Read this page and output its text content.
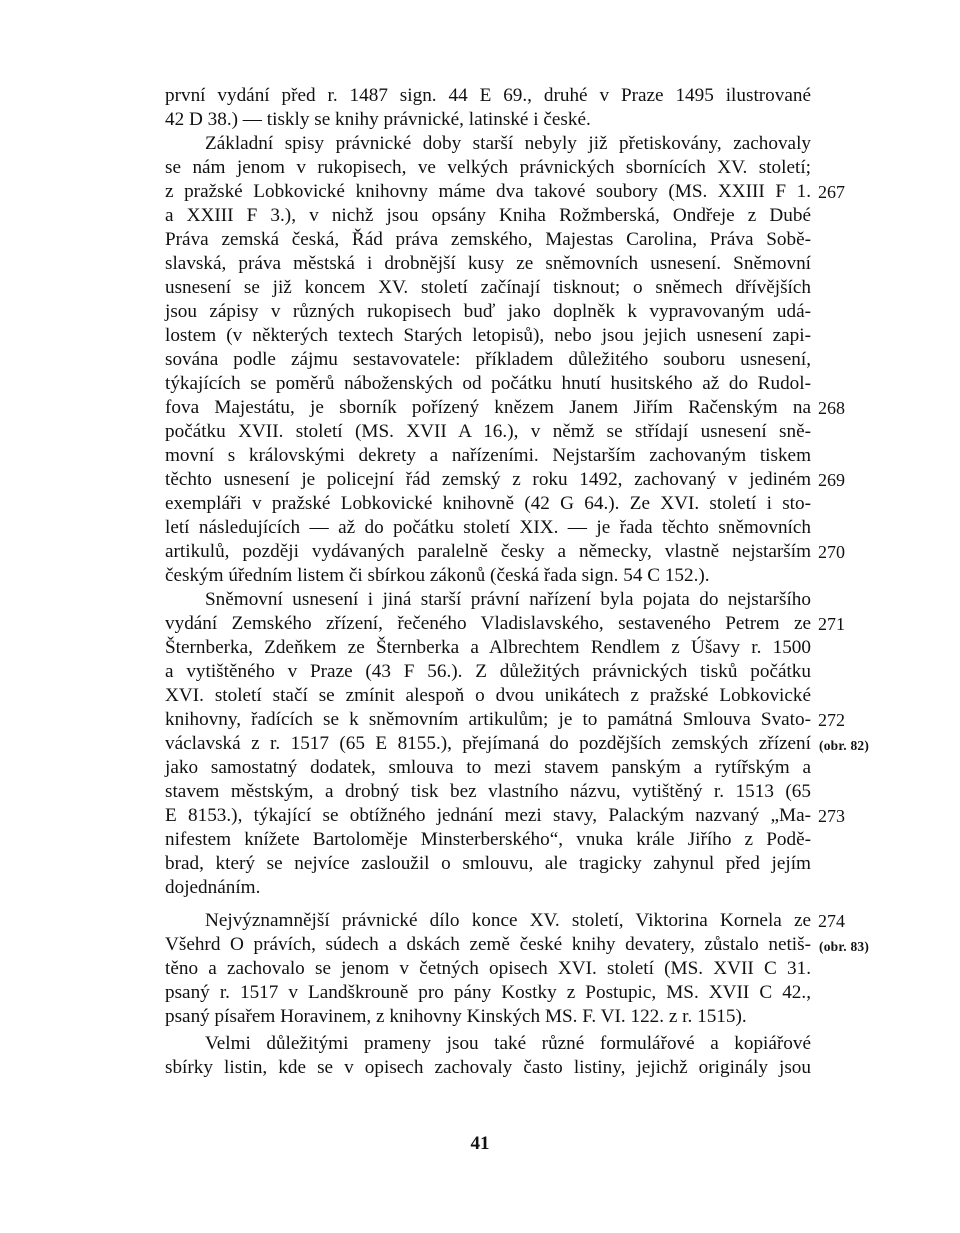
první vydání před r. 1487 sign. 44 E 69., druhé v Praze 1495 ilustrované
42 D 38.) — tiskly se knihy právnické, latinské i české.
Základní spisy právnické doby starší nebyly již přetiskovány, zachovaly
se nám jenom v rukopisech, ve velkých právnických sbornících XV. století;
z pražské Lobkovické knihovny máme dva takové soubory (MS. XXIII F 1.
a XXIII F 3.), v nichž jsou opsány Kniha Rožmberská, Ondřeje z Dubé
Práva zemská česká, Řád práva zemského, Majestas Carolina, Práva Sobě-
slavská, práva městská i drobnější kusy ze sněmovních usnesení. Sněmovní
usnesení se již koncem XV. století začínají tisknout; o sněmech dřívějších
jsou zápisy v různých rukopisech buď jako doplněk k vypravovaným udá-
lostem (v některých textech Starých letopisů), nebo jsou jejich usnesení zapi-
sována podle zájmu sestavovatele: příkladem důležitého souboru usnesení,
týkajících se poměrů náboženských od počátku hnutí husitského až do Rudol-
fova Majestátu, je sborník pořízený knězem Janem Jiřím Račenským na
počátku XVII. století (MS. XVII A 16.), v němž se střídají usnesení sně-
movní s královskými dekrety a nařízeními. Nejstarším zachovaným tiskem
těchto usnesení je policejní řád zemský z roku 1492, zachovaný v jediném
exempláři v pražské Lobkovické knihovně (42 G 64.). Ze XVI. století i sto-
letí následujících — až do počátku století XIX. — je řada těchto sněmovních
artikulů, později vydávaných paralelně česky a německy, vlastně nejstarším
českým úředním listem či sbírkou zákonů (česká řada sign. 54 C 152.).
Sněmovní usnesení i jiná starší právní nařízení byla pojata do nejstaršího
vydání Zemského zřízení, řečeného Vladislavského, sestaveného Petrem ze
Šternberka, Zdeňkem ze Šternberka a Albrechtem Rendlem z Úšavy r. 1500
a vytištěného v Praze (43 F 56.). Z důležitých právnických tisků počátku
XVI. století stačí se zmínit alespoň o dvou unikátech z pražské Lobkovické
knihovny, řadících se k sněmovním artikulům; je to památná Smlouva Svato-
václavská z r. 1517 (65 E 8155.), přejímaná do pozdějších zemských zřízení
jako samostatný dodatek, smlouva to mezi stavem panským a rytířským a
stavem městským, a drobný tisk bez vlastního názvu, vytištěný r. 1513 (65
E 8153.), týkající se obtížného jednání mezi stavy, Palackým nazvaný „Ma-
nifestem knížete Bartoloměje Minsterberského“, vnuka krále Jiřího z Podě-
brad, který se nejvíce zasloužil o smlouvu, ale tragicky zahynul před jejím
dojednáním.
Nejvýznamnější právnické dílo konce XV. století, Viktorina Kornela ze
Všehrd O právích, súdech a dskách země české knihy devatery, zůstalo netiš-
těno a zachovalo se jenom v četných opisech XVI. století (MS. XVII C 31.
psaný r. 1517 v Landškrouně pro pány Kostky z Postupic, MS. XVII C 42.,
psaný písařem Horavinem, z knihovny Kinských MS. F. VI. 122. z r. 1515).
Velmi důležitými prameny jsou také různé formulářové a kopiářové
sbírky listin, kde se v opisech zachovaly často listiny, jejichž originály jsou
267
268
269
270
271
272
(obr. 82)
273
274
(obr. 83)
41
